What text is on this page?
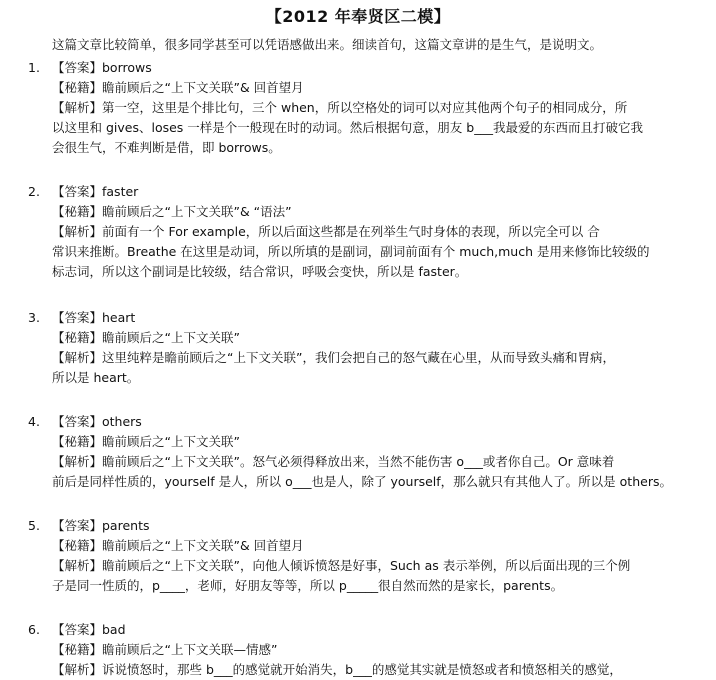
【2012 年奉贤区二模】
这篇文章比较简单，很多同学甚至可以凭语感做出来。细读首句，这篇文章讲的是生气，是说明文。
1. 【答案】borrows
【秘籍】瞻前顾后之“上下文关联”& 回首望月
【解析】第一空，这里是个排比句，三个 when，所以空格处的词可以对应其他两个句子的相同成分，所
以这里和 gives、loses 一样是个一般现在时的动词。然后根据句意，朋友 b___我最爱的东西而且打破它我
会很生气，不难判断是借，即 borrows。
2. 【答案】faster
【秘籍】瞻前顾后之“上下文关联”& “语法”
【解析】前面有一个 For example，所以后面这些都是在列举生气时身体的表现，所以完全可以 合
常识来推断。Breathe 在这里是动词，所以所填的是副词，副词前面有个 much,much 是用来修饰比较级的
标志词，所以这个副词是比较级，结合常识，呼吸会变快，所以是 faster。
3. 【答案】heart
【秘籍】瞻前顾后之“上下文关联”
【解析】这里纯粹是瞻前顾后之“上下文关联”，我们会把自己的怒气藏在心里，从而导致头痛和胃病，
所以是 heart。
4. 【答案】others
【秘籍】瞻前顾后之“上下文关联”
【解析】瞻前顾后之“上下文关联”。怒气必须得释放出来，当然不能伤害 o___或者你自己。Or 意味着
前后是同样性质的，yourself 是人，所以 o___也是人，除了 yourself，那么就只有其他人了。所以是 others。
5. 【答案】parents
【秘籍】瞻前顾后之“上下文关联”& 回首望月
【解析】瞻前顾后之“上下文关联”，向他人倾诉愤怒是好事，Such as 表示举例，所以后面出现的三个例
子是同一性质的，p____，老师，好朋友等等，所以 p_____很自然而然的是家长，parents。
6. 【答案】bad
【秘籍】瞻前顾后之“上下文关联—情感”
【解析】诉说愤怒时，那些 b___的感觉就开始消失，b___的感觉其实就是愤怒或者和愤怒相关的感觉，
